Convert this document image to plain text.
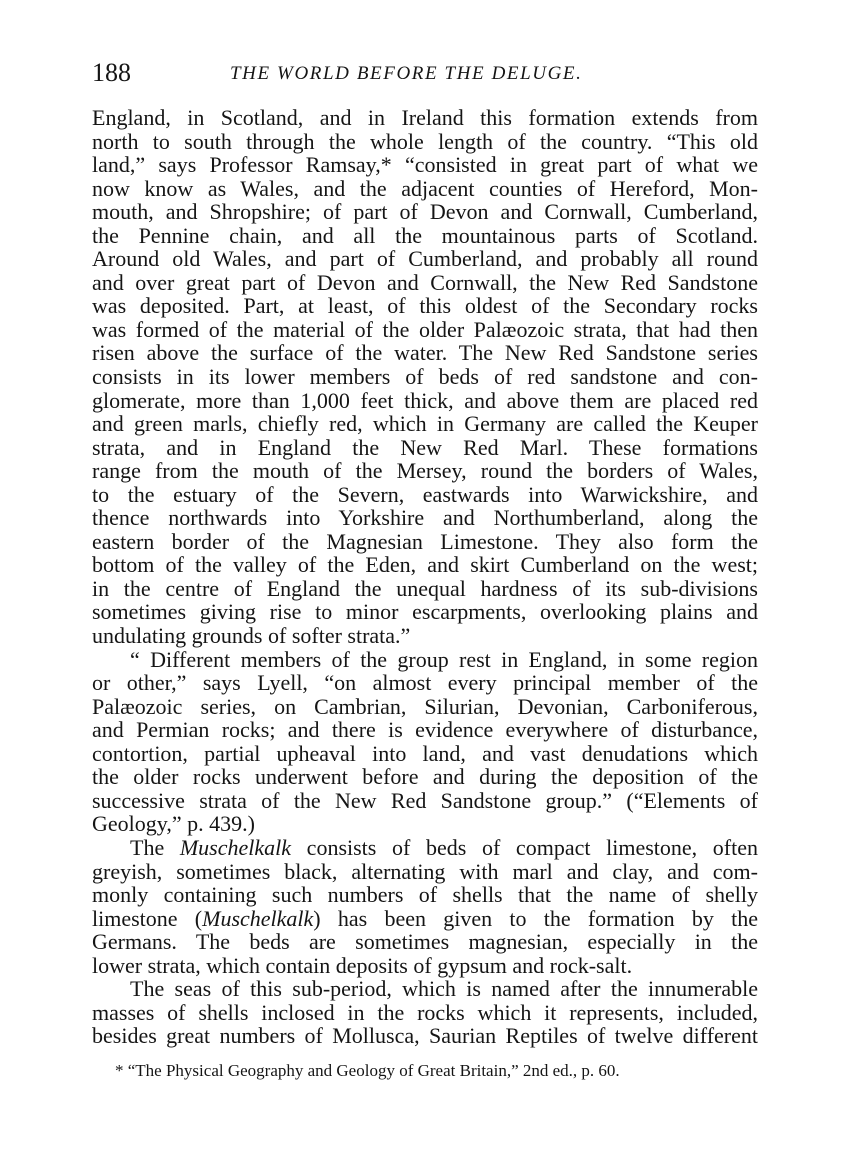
188	THE WORLD BEFORE THE DELUGE.
England, in Scotland, and in Ireland this formation extends from
north to south through the whole length of the country. “This old
land,” says Professor Ramsay,* “consisted in great part of what we
now know as Wales, and the adjacent counties of Hereford, Mon-
mouth, and Shropshire; of part of Devon and Cornwall, Cumberland,
the Pennine chain, and all the mountainous parts of Scotland.
Around old Wales, and part of Cumberland, and probably all round
and over great part of Devon and Cornwall, the New Red Sandstone
was deposited. Part, at least, of this oldest of the Secondary rocks
was formed of the material of the older Palæozoic strata, that had then
risen above the surface of the water. The New Red Sandstone series
consists in its lower members of beds of red sandstone and con-
glomerate, more than 1,000 feet thick, and above them are placed red
and green marls, chiefly red, which in Germany are called the Keuper
strata, and in England the New Red Marl. These formations
range from the mouth of the Mersey, round the borders of Wales,
to the estuary of the Severn, eastwards into Warwickshire, and
thence northwards into Yorkshire and Northumberland, along the
eastern border of the Magnesian Limestone. They also form the
bottom of the valley of the Eden, and skirt Cumberland on the west;
in the centre of England the unequal hardness of its sub-divisions
sometimes giving rise to minor escarpments, overlooking plains and
undulating grounds of softer strata.”
“ Different members of the group rest in England, in some region
or other,” says Lyell, “on almost every principal member of the
Palæozoic series, on Cambrian, Silurian, Devonian, Carboniferous,
and Permian rocks; and there is evidence everywhere of disturbance,
contortion, partial upheaval into land, and vast denudations which
the older rocks underwent before and during the deposition of the
successive strata of the New Red Sandstone group.” (“Elements of
Geology,” p. 439.)
The Muschelkalk consists of beds of compact limestone, often
greyish, sometimes black, alternating with marl and clay, and com-
monly containing such numbers of shells that the name of shelly
limestone (Muschelkalk) has been given to the formation by the
Germans. The beds are sometimes magnesian, especially in the
lower strata, which contain deposits of gypsum and rock-salt.
The seas of this sub-period, which is named after the innumerable
masses of shells inclosed in the rocks which it represents, included,
besides great numbers of Mollusca, Saurian Reptiles of twelve different
* “The Physical Geography and Geology of Great Britain,” 2nd ed., p. 60.
